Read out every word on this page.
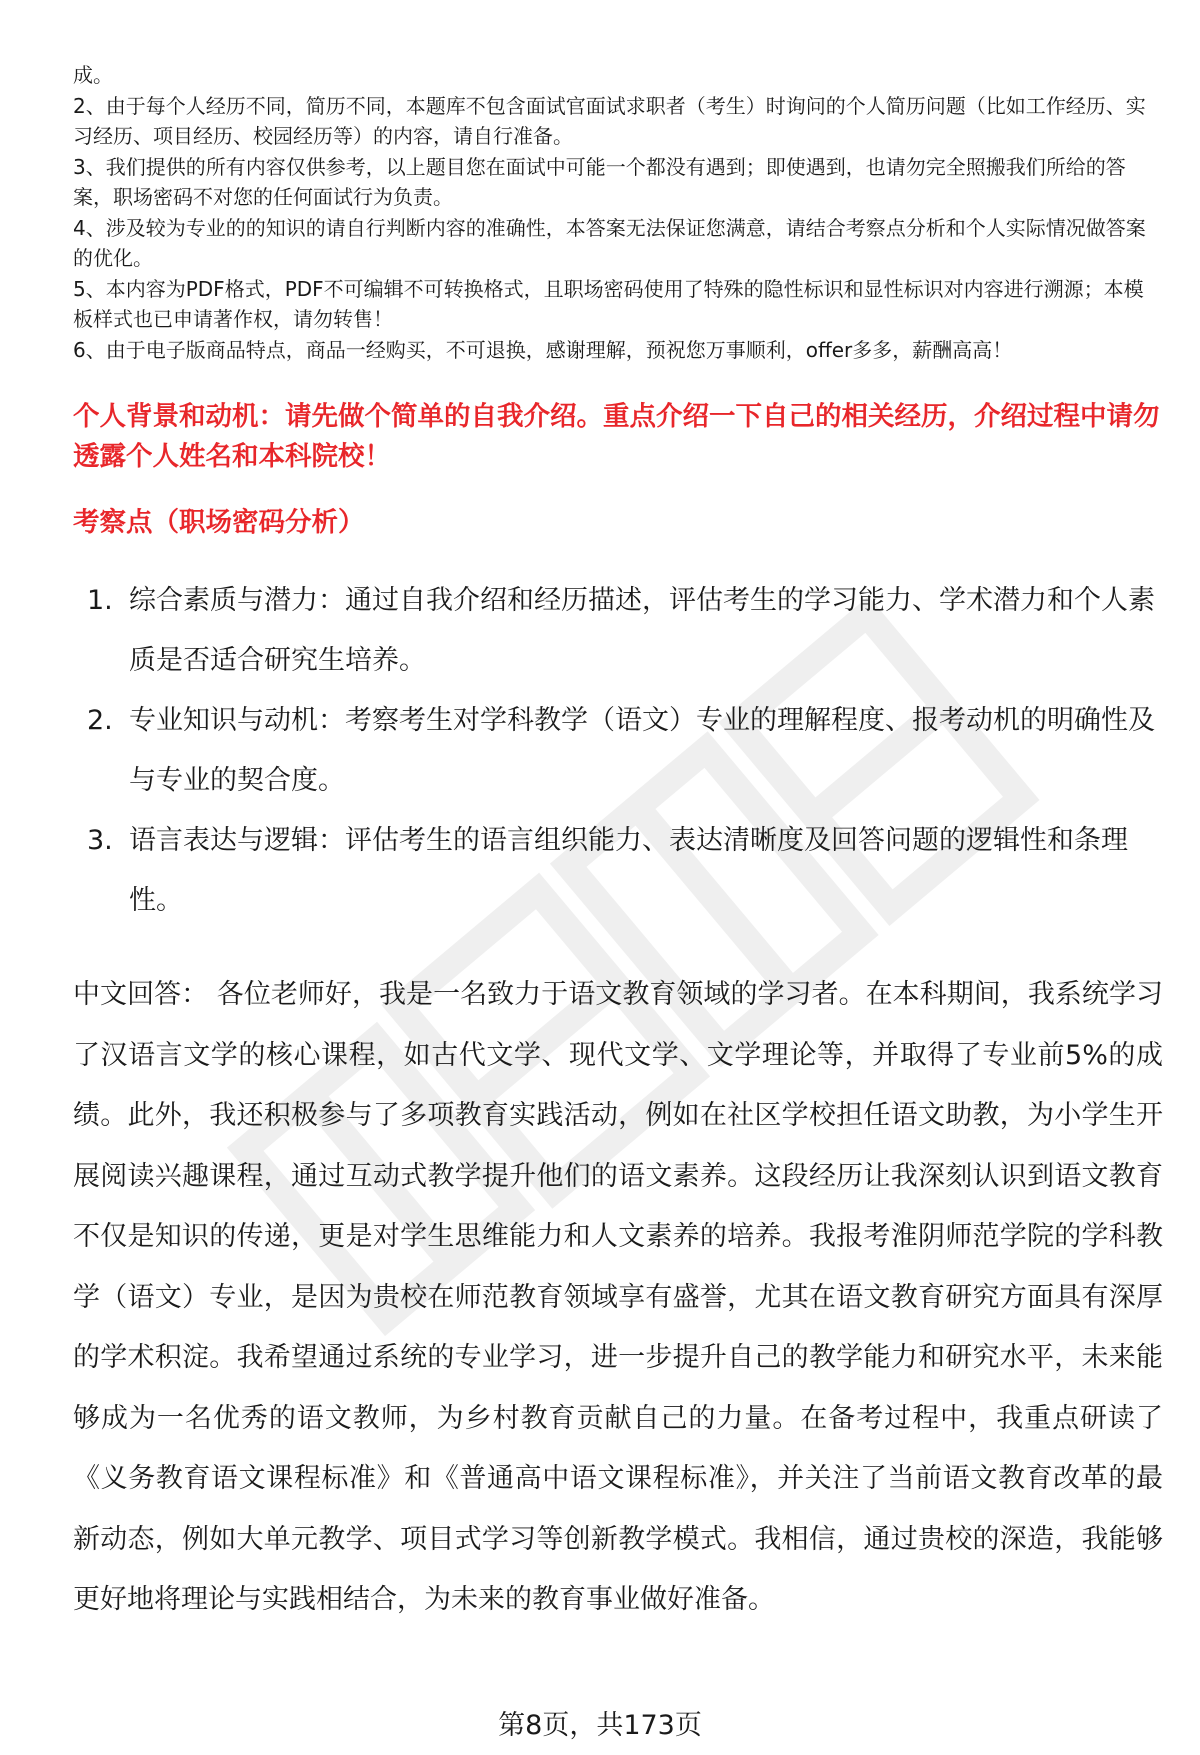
成。

2、由于每个人经历不同，简历不同，本题库不包含面试官面试求职者（考生）时询问的个人简历问题（比如工作经历、实习经历、项目经历、校园经历等）的内容，请自行准备。

3、我们提供的所有内容仅供参考，以上题目您在面试中可能一个都没有遇到；即使遇到，也请勿完全照搬我们所给的答案，职场密码不对您的任何面试行为负责。

4、涉及较为专业的的知识的请自行判断内容的准确性，本答案无法保证您满意，请结合考察点分析和个人实际情况做答案的优化。

5、本内容为PDF格式，PDF不可编辑不可转换格式，且职场密码使用了特殊的隐性标识和显性标识对内容进行溯源；本模板样式也已申请著作权，请勿转售！

6、由于电子版商品特点，商品一经购买，不可退换，感谢理解，预祝您万事顺利，offer多多，薪酬高高！

个人背景和动机：请先做个简单的自我介绍。重点介绍一下自己的相关经历，介绍过程中请勿透露个人姓名和本科院校！
考察点（职场密码分析）
1. 综合素质与潜力：通过自我介绍和经历描述，评估考生的学习能力、学术潜力和个人素质是否适合研究生培养。
2. 专业知识与动机：考察考生对学科教学（语文）专业的理解程度、报考动机的明确性及与专业的契合度。
3. 语言表达与逻辑：评估考生的语言组织能力、表达清晰度及回答问题的逻辑性和条理性。

中文回答： 各位老师好，我是一名致力于语文教育领域的学习者。在本科期间，我系统学习了汉语言文学的核心课程，如古代文学、现代文学、文学理论等，并取得了专业前5%的成绩。此外，我还积极参与了多项教育实践活动，例如在社区学校担任语文助教，为小学生开展阅读兴趣课程，通过互动式教学提升他们的语文素养。这段经历让我深刻认识到语文教育不仅是知识的传递，更是对学生思维能力和人文素养的培养。我报考淮阴师范学院的学科教学（语文）专业，是因为贵校在师范教育领域享有盛誉，尤其在语文教育研究方面具有深厚的学术积淀。我希望通过系统的专业学习，进一步提升自己的教学能力和研究水平，未来能够成为一名优秀的语文教师，为乡村教育贡献自己的力量。在备考过程中，我重点研读了《义务教育语文课程标准》和《普通高中语文课程标准》，并关注了当前语文教育改革的最新动态，例如大单元教学、项目式学习等创新教学模式。我相信，通过贵校的深造，我能够更好地将理论与实践相结合，为未来的教育事业做好准备。

第8页，共173页
